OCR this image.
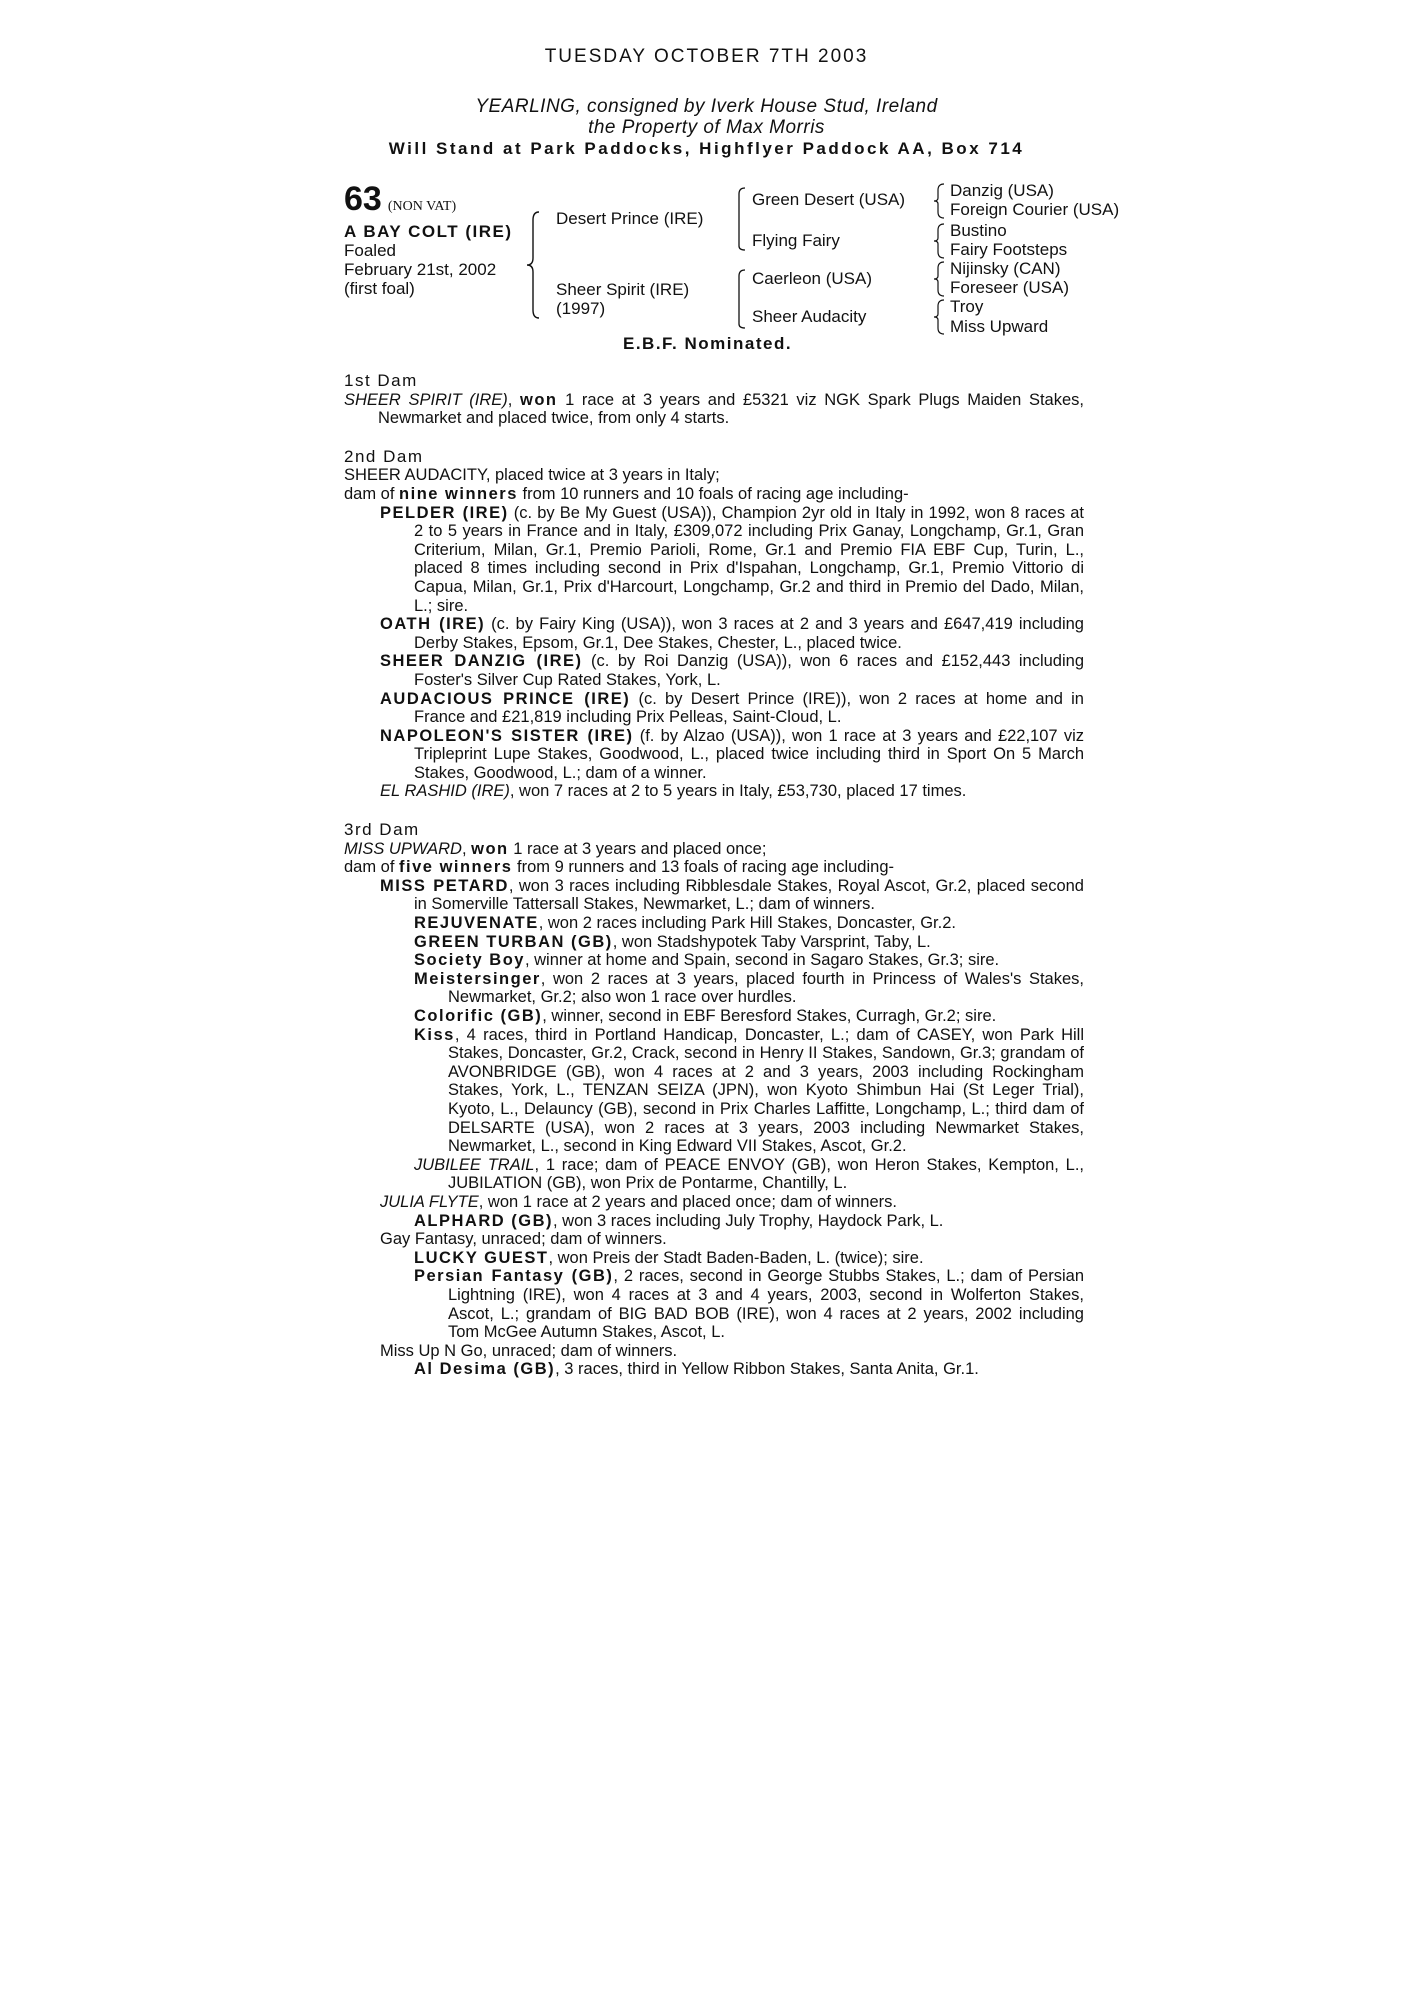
TUESDAY OCTOBER 7TH 2003
YEARLING, consigned by Iverk House Stud, Ireland
the Property of Max Morris
Will Stand at Park Paddocks, Highflyer Paddock AA, Box 714
63 (NON VAT)
A BAY COLT (IRE)
Foaled
February 21st, 2002
(first foal)
Desert Prince (IRE)
Sheer Spirit (IRE)
(1997)
Green Desert (USA)
Flying Fairy
Caerleon (USA)
Sheer Audacity
Danzig (USA)
Foreign Courier (USA)
Bustino
Fairy Footsteps
Nijinsky (CAN)
Foreseer (USA)
Troy
Miss Upward
E.B.F. Nominated.
1st Dam
SHEER SPIRIT (IRE), won 1 race at 3 years and £5321 viz NGK Spark Plugs Maiden Stakes, Newmarket and placed twice, from only 4 starts.
2nd Dam
SHEER AUDACITY, placed twice at 3 years in Italy;
dam of nine winners from 10 runners and 10 foals of racing age including-
PELDER (IRE) (c. by Be My Guest (USA)), Champion 2yr old in Italy in 1992, won 8 races at 2 to 5 years in France and in Italy, £309,072 including Prix Ganay, Longchamp, Gr.1, Gran Criterium, Milan, Gr.1, Premio Parioli, Rome, Gr.1 and Premio FIA EBF Cup, Turin, L., placed 8 times including second in Prix d'Ispahan, Longchamp, Gr.1, Premio Vittorio di Capua, Milan, Gr.1, Prix d'Harcourt, Longchamp, Gr.2 and third in Premio del Dado, Milan, L.; sire.
OATH (IRE) (c. by Fairy King (USA)), won 3 races at 2 and 3 years and £647,419 including Derby Stakes, Epsom, Gr.1, Dee Stakes, Chester, L., placed twice.
SHEER DANZIG (IRE) (c. by Roi Danzig (USA)), won 6 races and £152,443 including Foster's Silver Cup Rated Stakes, York, L.
AUDACIOUS PRINCE (IRE) (c. by Desert Prince (IRE)), won 2 races at home and in France and £21,819 including Prix Pelleas, Saint-Cloud, L.
NAPOLEON'S SISTER (IRE) (f. by Alzao (USA)), won 1 race at 3 years and £22,107 viz Tripleprint Lupe Stakes, Goodwood, L., placed twice including third in Sport On 5 March Stakes, Goodwood, L.; dam of a winner.
EL RASHID (IRE), won 7 races at 2 to 5 years in Italy, £53,730, placed 17 times.
3rd Dam
MISS UPWARD, won 1 race at 3 years and placed once;
dam of five winners from 9 runners and 13 foals of racing age including-
MISS PETARD, won 3 races including Ribblesdale Stakes, Royal Ascot, Gr.2, placed second in Somerville Tattersall Stakes, Newmarket, L.; dam of winners.
REJUVENATE, won 2 races including Park Hill Stakes, Doncaster, Gr.2.
GREEN TURBAN (GB), won Stadshypotek Taby Varsprint, Taby, L.
Society Boy, winner at home and Spain, second in Sagaro Stakes, Gr.3; sire.
Meistersinger, won 2 races at 3 years, placed fourth in Princess of Wales's Stakes, Newmarket, Gr.2; also won 1 race over hurdles.
Colorific (GB), winner, second in EBF Beresford Stakes, Curragh, Gr.2; sire.
Kiss, 4 races, third in Portland Handicap, Doncaster, L.; dam of CASEY, won Park Hill Stakes, Doncaster, Gr.2, Crack, second in Henry II Stakes, Sandown, Gr.3; grandam of AVONBRIDGE (GB), won 4 races at 2 and 3 years, 2003 including Rockingham Stakes, York, L., TENZAN SEIZA (JPN), won Kyoto Shimbun Hai (St Leger Trial), Kyoto, L., Delauncy (GB), second in Prix Charles Laffitte, Longchamp, L.; third dam of DELSARTE (USA), won 2 races at 3 years, 2003 including Newmarket Stakes, Newmarket, L., second in King Edward VII Stakes, Ascot, Gr.2.
JUBILEE TRAIL, 1 race; dam of PEACE ENVOY (GB), won Heron Stakes, Kempton, L., JUBILATION (GB), won Prix de Pontarme, Chantilly, L.
JULIA FLYTE, won 1 race at 2 years and placed once; dam of winners.
ALPHARD (GB), won 3 races including July Trophy, Haydock Park, L.
Gay Fantasy, unraced; dam of winners.
LUCKY GUEST, won Preis der Stadt Baden-Baden, L. (twice); sire.
Persian Fantasy (GB), 2 races, second in George Stubbs Stakes, L.; dam of Persian Lightning (IRE), won 4 races at 3 and 4 years, 2003, second in Wolferton Stakes, Ascot, L.; grandam of BIG BAD BOB (IRE), won 4 races at 2 years, 2002 including Tom McGee Autumn Stakes, Ascot, L.
Miss Up N Go, unraced; dam of winners.
Al Desima (GB), 3 races, third in Yellow Ribbon Stakes, Santa Anita, Gr.1.
